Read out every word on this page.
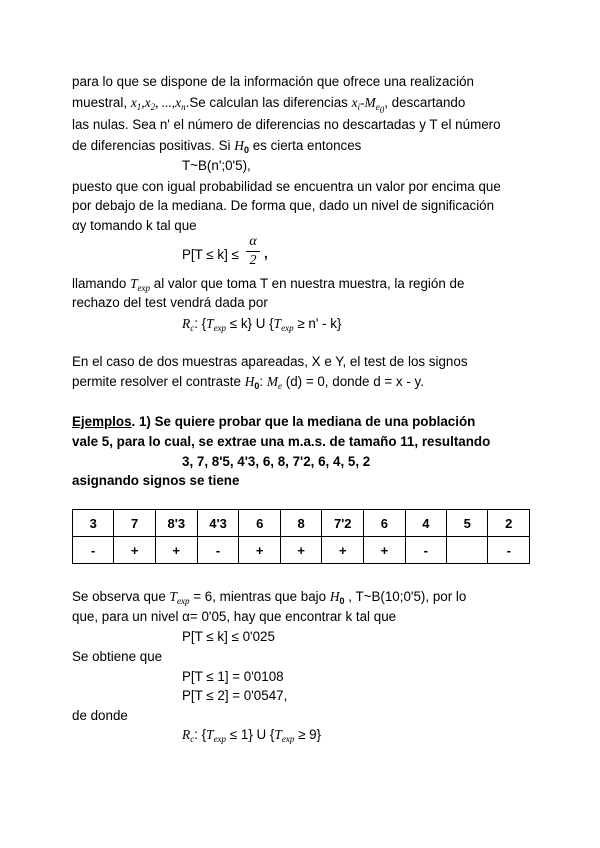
para lo que se dispone de la información que ofrece una realización
muestral, $x_1,x_2$, $...,x_n.Se$ calculan las diferencias $x_i-M_{e_0}$, descartando
las nulas. Sea n' el número de diferencias no descartadas y T el número
de diferencias positivas. Si $H_0$ es cierta entonces
T~B(n';0'5),
puesto que con igual probabilidad se encuentra un valor por encima que
por debajo de la mediana. De forma que, dado un nivel de significación
αy tomando k tal que
P[T ≤ k] ≤
α
2 ,
llamando $T_{exp}$ al valor que toma T en nuestra muestra, la región de
rechazo del test vendrá dada por
$R_c$: $\{T_{exp} \le k\}$ U $\{T_{exp} \ge n' - k\}$
En el caso de dos muestras apareadas, X e Y, el test de los signos
permite resolver el contraste $H_0$: $M_e$ (d) = 0, donde d = x - y.
Ejemplos. 1) Se quiere probar que la mediana de una población
vale 5, para lo cual, se extrae una m.a.s. de tamaño 11, resultando
3, 7, 8'5, 4'3, 6, 8, 7'2, 6, 4, 5, 2
asignando signos se tiene
3	7	8'3	4'3	6	8	7'2	6	4	5	2
-	+	+	-	+	+	+	+	-		-
Se observa que $T_{exp} = 6$, mientras que bajo $H_0$ , T~B(10;0'5), por lo
que, para un nivel α= 0'05, hay que encontrar k tal que
P[T ≤ k] ≤ 0'025
Se obtiene que
P[T ≤ 1] = 0'0108
P[T ≤ 2] = 0'0547,
de donde
$R_c$: $\{T_{exp} \le 1\}$ U $\{T_{exp} \ge 9\}$
